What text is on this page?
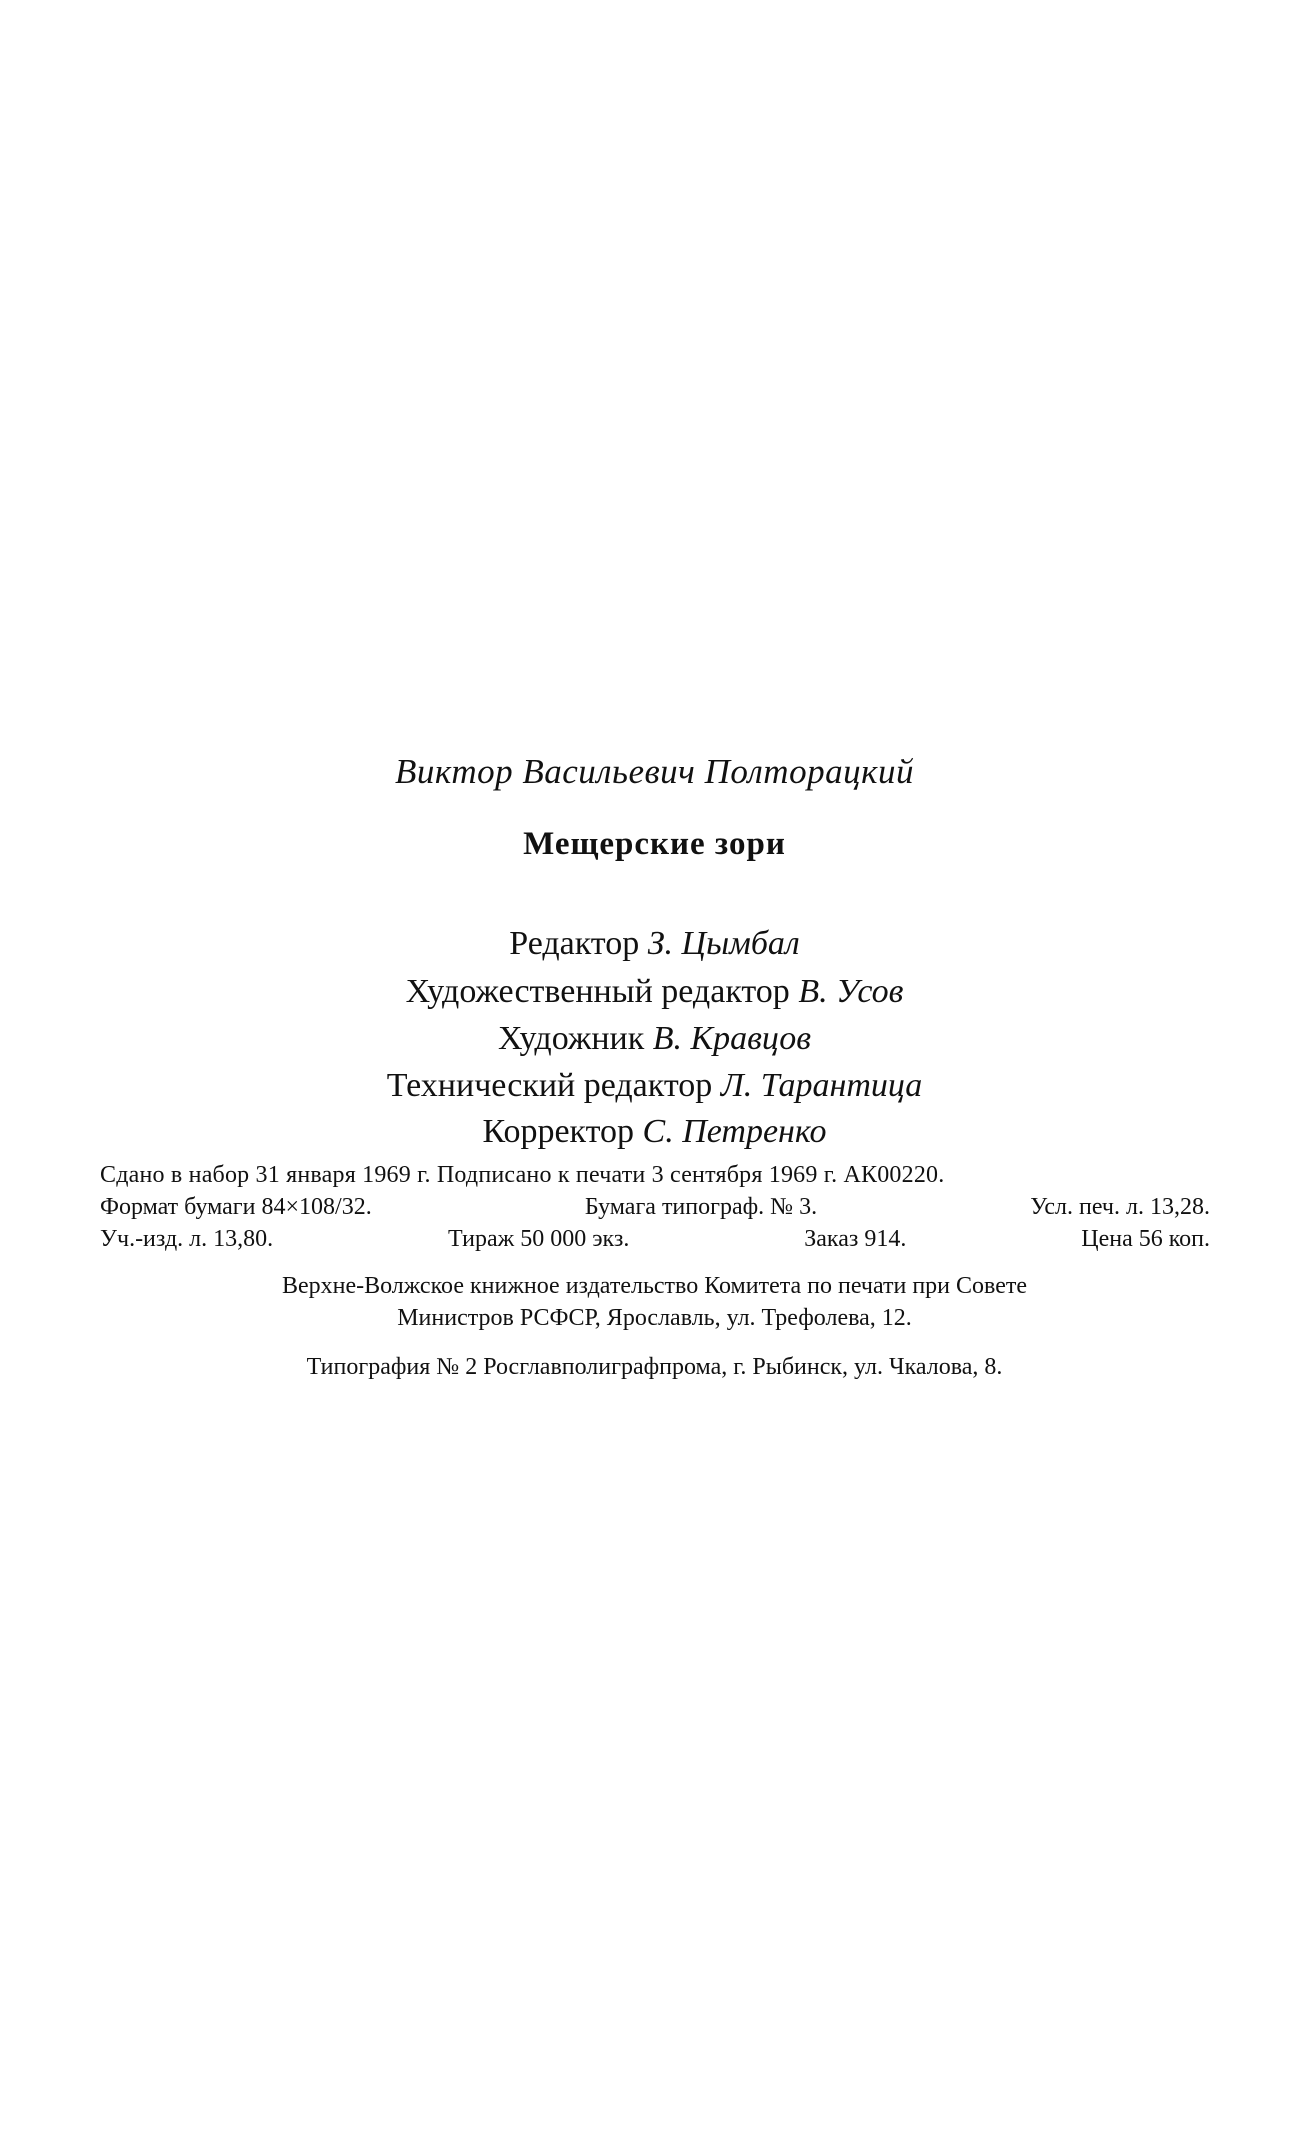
Виктор Васильевич Полторацкий
Мещерские зори
Редактор З. Цымбал
Художественный редактор В. Усов
Художник В. Кравцов
Технический редактор Л. Тарантица
Корректор С. Петренко
Сдано в набор 31 января 1969 г. Подписано к печати 3 сентября 1969 г. АК00220.
Формат бумаги 84×108/32.	Бумага типограф. № 3.	Усл. печ. л. 13,28.
Уч.-изд. л. 13,80.	Тираж 50 000 экз.	Заказ 914.	Цена 56 коп.
Верхне-Волжское книжное издательство Комитета по печати при Совете
Министров РСФСР, Ярославль, ул. Трефолева, 12.
Типография № 2 Росглавполиграфпрома, г. Рыбинск, ул. Чкалова, 8.
